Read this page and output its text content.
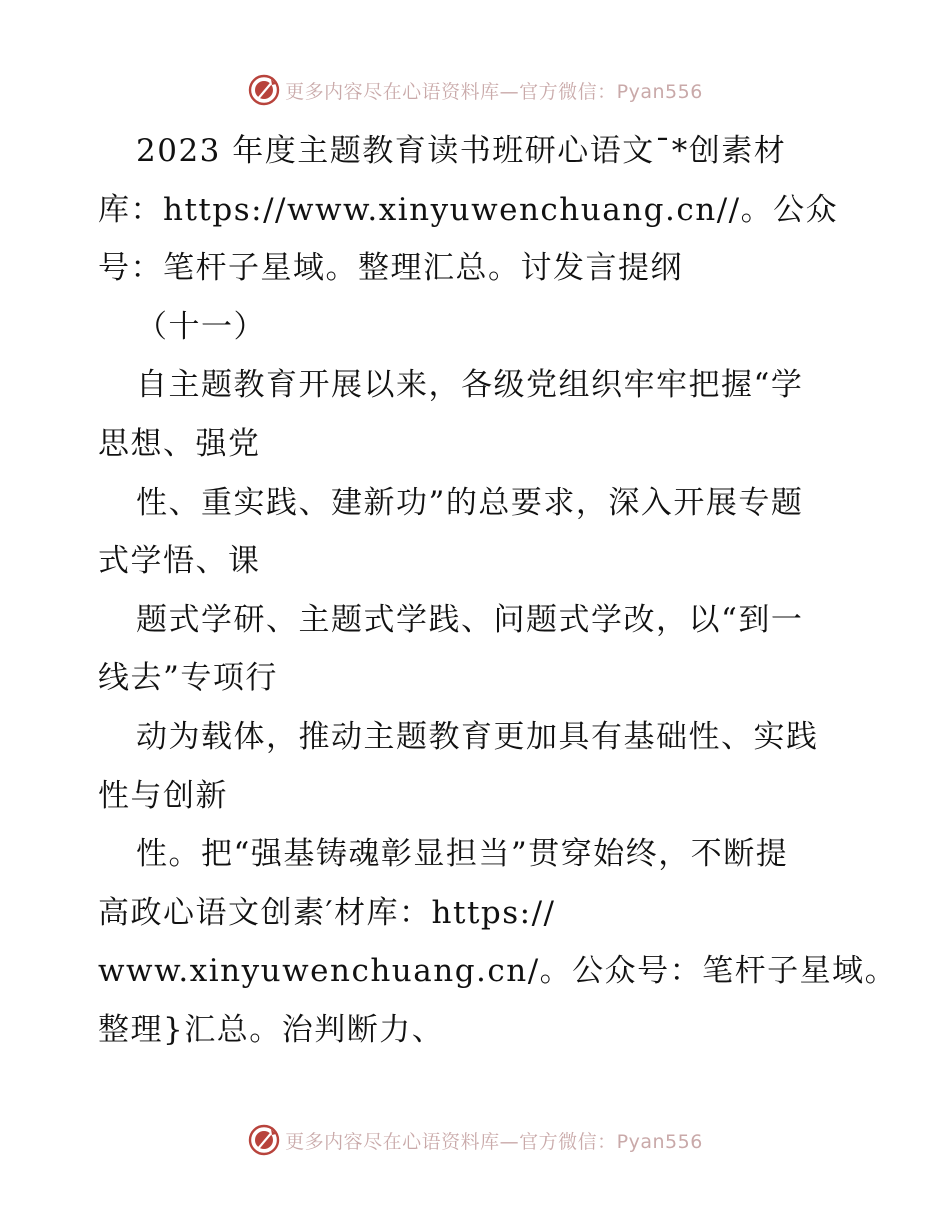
更多内容尽在心语资料库—官方微信：Pyan556
2023 年度主题教育读书班研心语文¯*创素材
库：https://www.xinyuwenchuang.cn//。公众
号：笔杆子星域。整理汇总。讨发言提纲
（十一）
自主题教育开展以来，各级党组织牢牢把握“学
思想、强党
性、重实践、建新功”的总要求，深入开展专题
式学悟、课
题式学研、主题式学践、问题式学改，以“到一
线去”专项行
动为载体，推动主题教育更加具有基础性、实践
性与创新
性。把“强基铸魂彰显担当”贯穿始终，不断提
高政心语文创素′材库：https://
www.xinyuwenchuang.cn/。公众号：笔杆子星域。
整理}汇总。治判断力、
更多内容尽在心语资料库—官方微信：Pyan556
